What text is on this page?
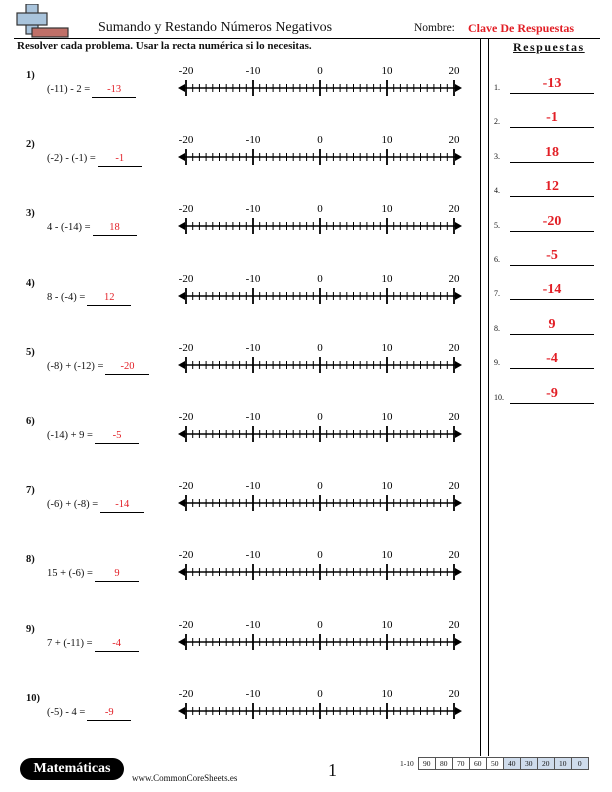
Sumando y Restando Números Negativos	Nombre: Clave De Respuestas
Resolver cada problema. Usar la recta numérica si lo necesitas.	Respuestas
1)
(-11) - 2 = -13
-20	-10	0	10	20
2)
(-2) - (-1) = -1
-20	-10	0	10	20
3)
4 - (-14) = 18
-20	-10	0	10	20
4)
8 - (-4) = 12
-20	-10	0	10	20
5)
(-8) + (-12) = -20
-20	-10	0	10	20
6)
(-14) + 9 = -5
-20	-10	0	10	20
7)
(-6) + (-8) = -14
-20	-10	0	10	20
8)
15 + (-6) = 9
-20	-10	0	10	20
9)
7 + (-11) = -4
-20	-10	0	10	20
10)
(-5) - 4 = -9
-20	-10	0	10	20
1.	-13
2.	-1
3.	18
4.	12
5.	-20
6.	-5
7.	-14
8.	9
9.	-4
10.	-9
Matemáticas
www.CommonCoreSheets.es	1	1-10	90	80	70	60	50	40	30	20	10	0
